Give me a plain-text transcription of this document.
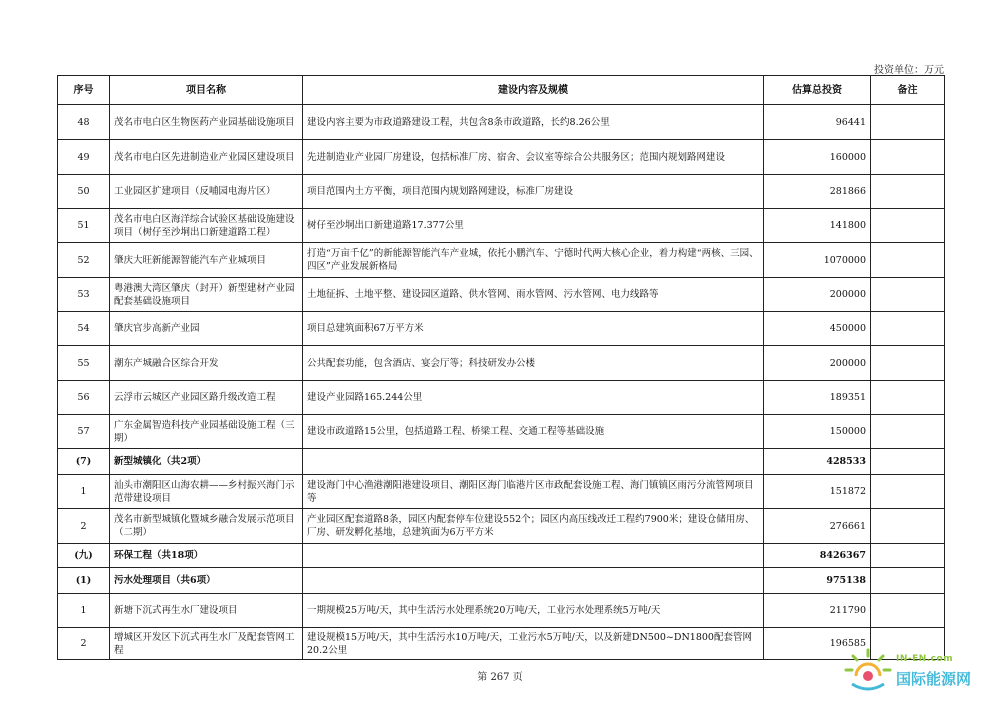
投资单位：万元
序号	项目名称	建设内容及规模	估算总投资	备注
48	茂名市电白区生物医药产业园基础设施项目	建设内容主要为市政道路建设工程，共包含8条市政道路，长约8.26公里	96441	
49	茂名市电白区先进制造业产业园区建设项目	先进制造业产业园厂房建设，包括标准厂房、宿舍、会议室等综合公共服务区；范围内规划路网建设	160000	
50	工业园区扩建项目（反哺园电海片区）	项目范围内土方平衡，项目范围内规划路网建设，标准厂房建设	281866	
51	茂名市电白区海洋综合试验区基础设施建设项目（树仔至沙垌出口新建道路工程）	树仔至沙垌出口新建道路17.377公里	141800	
52	肇庆大旺新能源智能汽车产业城项目	打造“万亩千亿”的新能源智能汽车产业城，依托小鹏汽车、宁德时代两大核心企业，着力构建“两核、三园、四区”产业发展新格局	1070000	
53	粤港澳大湾区肇庆（封开）新型建材产业园配套基础设施项目	土地征拆、土地平整、建设园区道路、供水管网、雨水管网、污水管网、电力线路等	200000	
54	肇庆官步高新产业园	项目总建筑面积67万平方米	450000	
55	潮东产城融合区综合开发	公共配套功能，包含酒店、宴会厅等；科技研发办公楼	200000	
56	云浮市云城区产业园区路升级改造工程	建设产业园路165.244公里	189351	
57	广东金属智造科技产业园基础设施工程（三期）	建设市政道路15公里，包括道路工程、桥梁工程、交通工程等基础设施	150000	
(7)	新型城镇化（共2项）		428533	
1	汕头市潮阳区山海农耕——乡村振兴海门示范带建设项目	建设海门中心渔港潮阳港建设项目、潮阳区海门临港片区市政配套设施工程、海门镇镇区雨污分流管网项目等	151872	
2	茂名市新型城镇化暨城乡融合发展示范项目（二期）	产业园区配套道路8条，园区内配套停车位建设552个；园区内高压线改迁工程约7900米；建设仓储用房、厂房、研发孵化基地，总建筑面为6万平方米	276661	
(九)	环保工程（共18项）		8426367	
(1)	污水处理项目（共6项）		975138	
1	新塘下沉式再生水厂建设项目	一期规模25万吨/天，其中生活污水处理系统20万吨/天，工业污水处理系统5万吨/天	211790	
2	增城区开发区下沉式再生水厂及配套管网工程	建设规模15万吨/天，其中生活污水10万吨/天，工业污水5万吨/天，以及新建DN500~DN1800配套管网20.2公里	196585	
第 267 页
IN-EN.com
国际能源网
